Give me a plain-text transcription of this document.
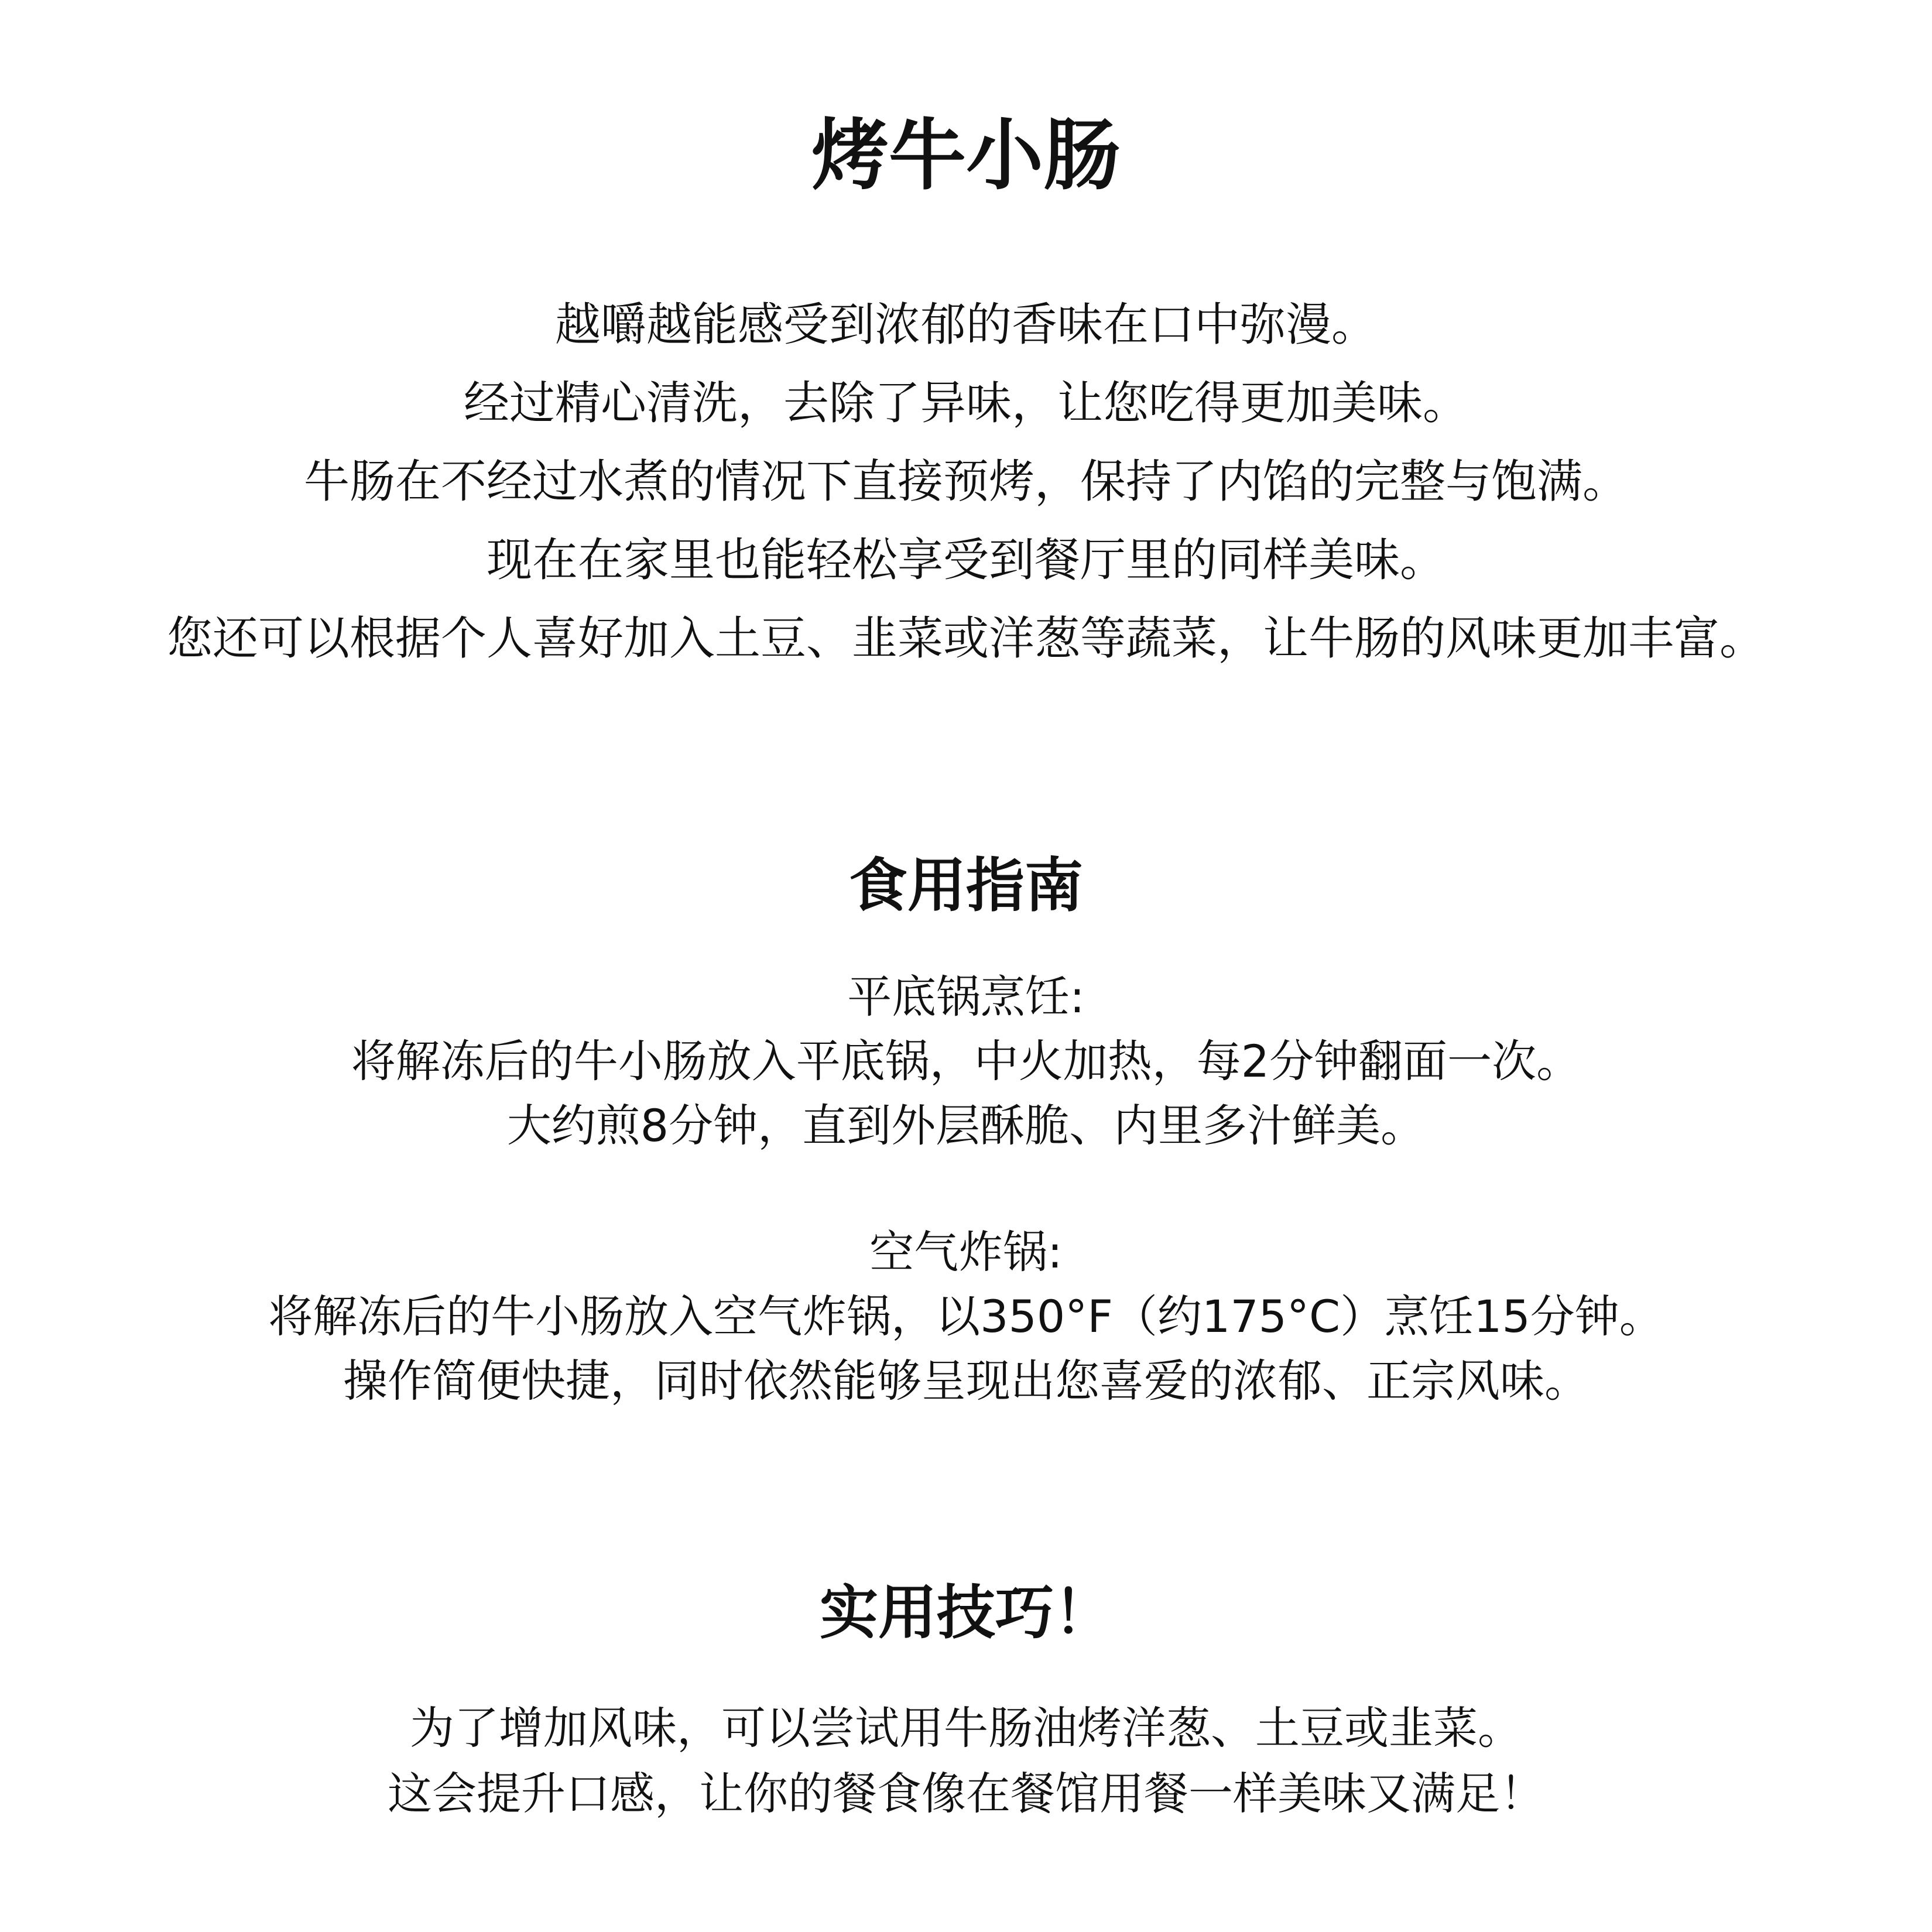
烤牛小肠

越嚼越能感受到浓郁的香味在口中弥漫。

经过精心清洗，去除了异味，让您吃得更加美味。

牛肠在不经过水煮的情况下直接预烤，保持了内馅的完整与饱满。

现在在家里也能轻松享受到餐厅里的同样美味。

您还可以根据个人喜好加入土豆、韭菜或洋葱等蔬菜，让牛肠的风味更加丰富。

食用指南

平底锅烹饪:

将解冻后的牛小肠放入平底锅，中火加热，每2分钟翻面一次。

大约煎8分钟，直到外层酥脆、内里多汁鲜美。

空气炸锅:

将解冻后的牛小肠放入空气炸锅，以350°F（约175°C）烹饪15分钟。

操作简便快捷，同时依然能够呈现出您喜爱的浓郁、正宗风味。

实用技巧！

为了增加风味，可以尝试用牛肠油烤洋葱、土豆或韭菜。

这会提升口感，让你的餐食像在餐馆用餐一样美味又满足！
